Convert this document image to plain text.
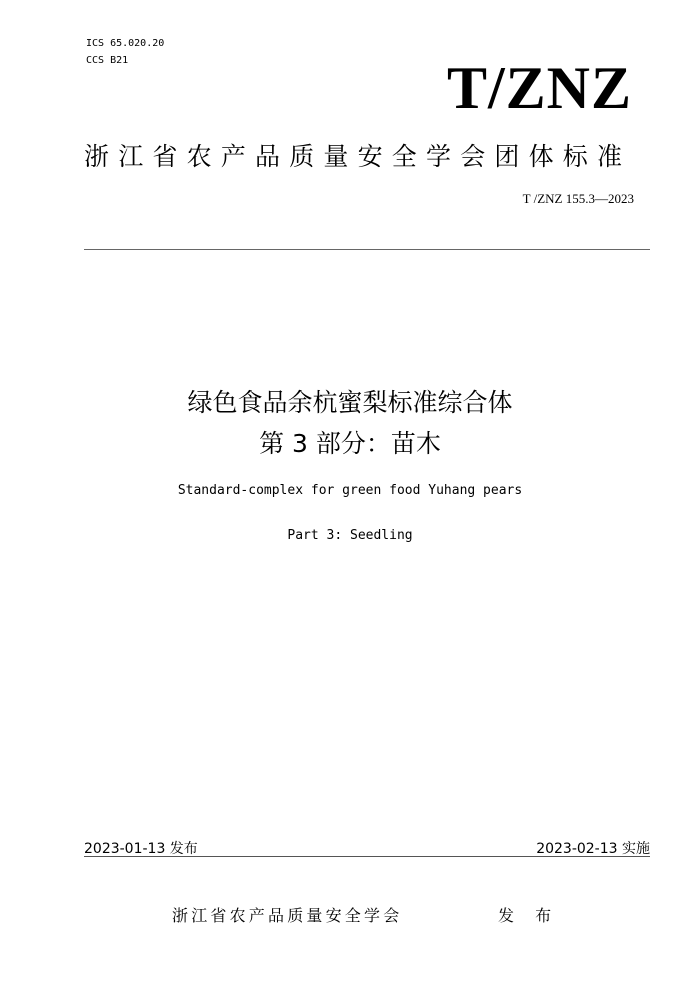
ICS 65.020.20
CCS B21	T/ZNZ
浙江省农产品质量安全学会团体标准
T /ZNZ 155.3—2023
绿色食品余杭蜜梨标准综合体
第 3 部分：苗木
Standard-complex for green food Yuhang pears
Part 3: Seedling
2023-01-13 发布	2023-02-13 实施
浙江省农产品质量安全学会	发 布
